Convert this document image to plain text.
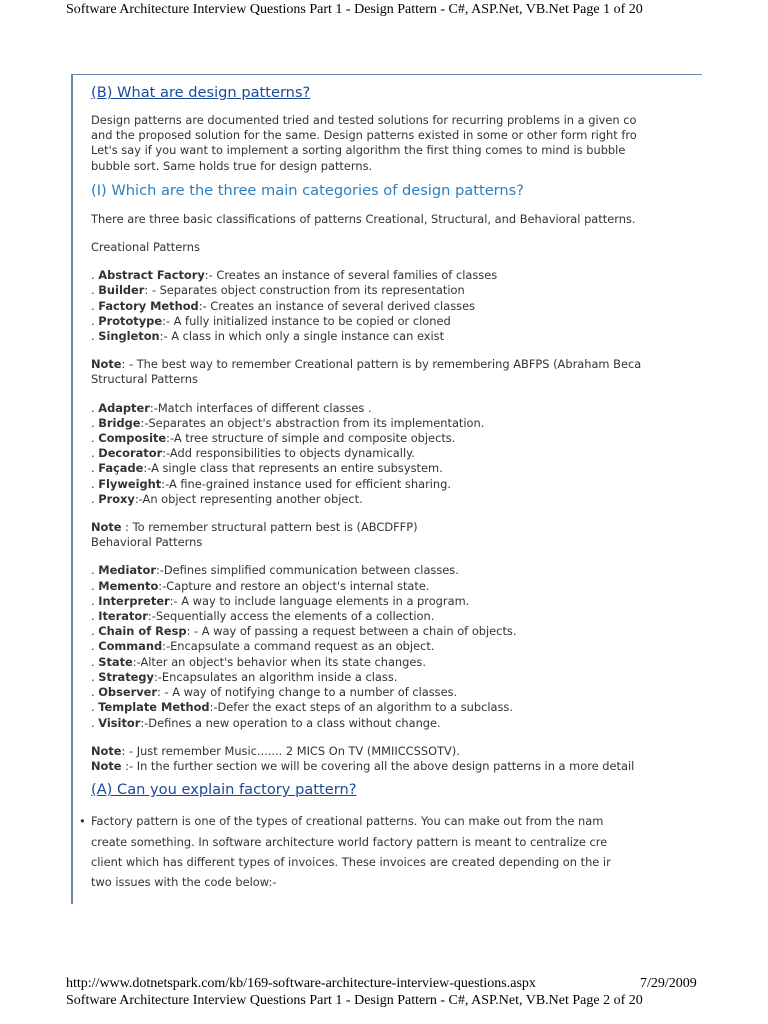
Software Architecture Interview Questions Part 1 - Design Pattern - C#, ASP.Net, VB.Net Page 1 of 20

(B) What are design patterns?

Design patterns are documented tried and tested solutions for recurring problems in a given co

and the proposed solution for the same. Design patterns existed in some or other form right fro

Let's say if you want to implement a sorting algorithm the first thing comes to mind is bubble

bubble sort. Same holds true for design patterns.

(I) Which are the three main categories of design patterns?

There are three basic classifications of patterns Creational, Structural, and Behavioral patterns.

Creational Patterns

. Abstract Factory:- Creates an instance of several families of classes

. Builder: - Separates object construction from its representation

. Factory Method:- Creates an instance of several derived classes

. Prototype:- A fully initialized instance to be copied or cloned

. Singleton:- A class in which only a single instance can exist

Note: - The best way to remember Creational pattern is by remembering ABFPS (Abraham Beca

Structural Patterns

. Adapter:-Match interfaces of different classes .

. Bridge:-Separates an object's abstraction from its implementation.

. Composite:-A tree structure of simple and composite objects.

. Decorator:-Add responsibilities to objects dynamically.

. Façade:-A single class that represents an entire subsystem.

. Flyweight:-A fine-grained instance used for efficient sharing.

. Proxy:-An object representing another object.

Note : To remember structural pattern best is (ABCDFFP)

Behavioral Patterns

. Mediator:-Defines simplified communication between classes.

. Memento:-Capture and restore an object's internal state.

. Interpreter:- A way to include language elements in a program.

. Iterator:-Sequentially access the elements of a collection.

. Chain of Resp: - A way of passing a request between a chain of objects.

. Command:-Encapsulate a command request as an object.

. State:-Alter an object's behavior when its state changes.

. Strategy:-Encapsulates an algorithm inside a class.

. Observer: - A way of notifying change to a number of classes.

. Template Method:-Defer the exact steps of an algorithm to a subclass.

. Visitor:-Defines a new operation to a class without change.

Note: - Just remember Music....... 2 MICS On TV (MMIICCSSOTV).

Note :- In the further section we will be covering all the above design patterns in a more detail

(A) Can you explain factory pattern?

• Factory pattern is one of the types of creational patterns. You can make out from the nam
create something. In software architecture world factory pattern is meant to centralize cre
client which has different types of invoices. These invoices are created depending on the ir
two issues with the code below:-
http://www.dotnetspark.com/kb/169-software-architecture-interview-questions.aspx	7/29/2009
Software Architecture Interview Questions Part 1 - Design Pattern - C#, ASP.Net, VB.Net Page 2 of 20
